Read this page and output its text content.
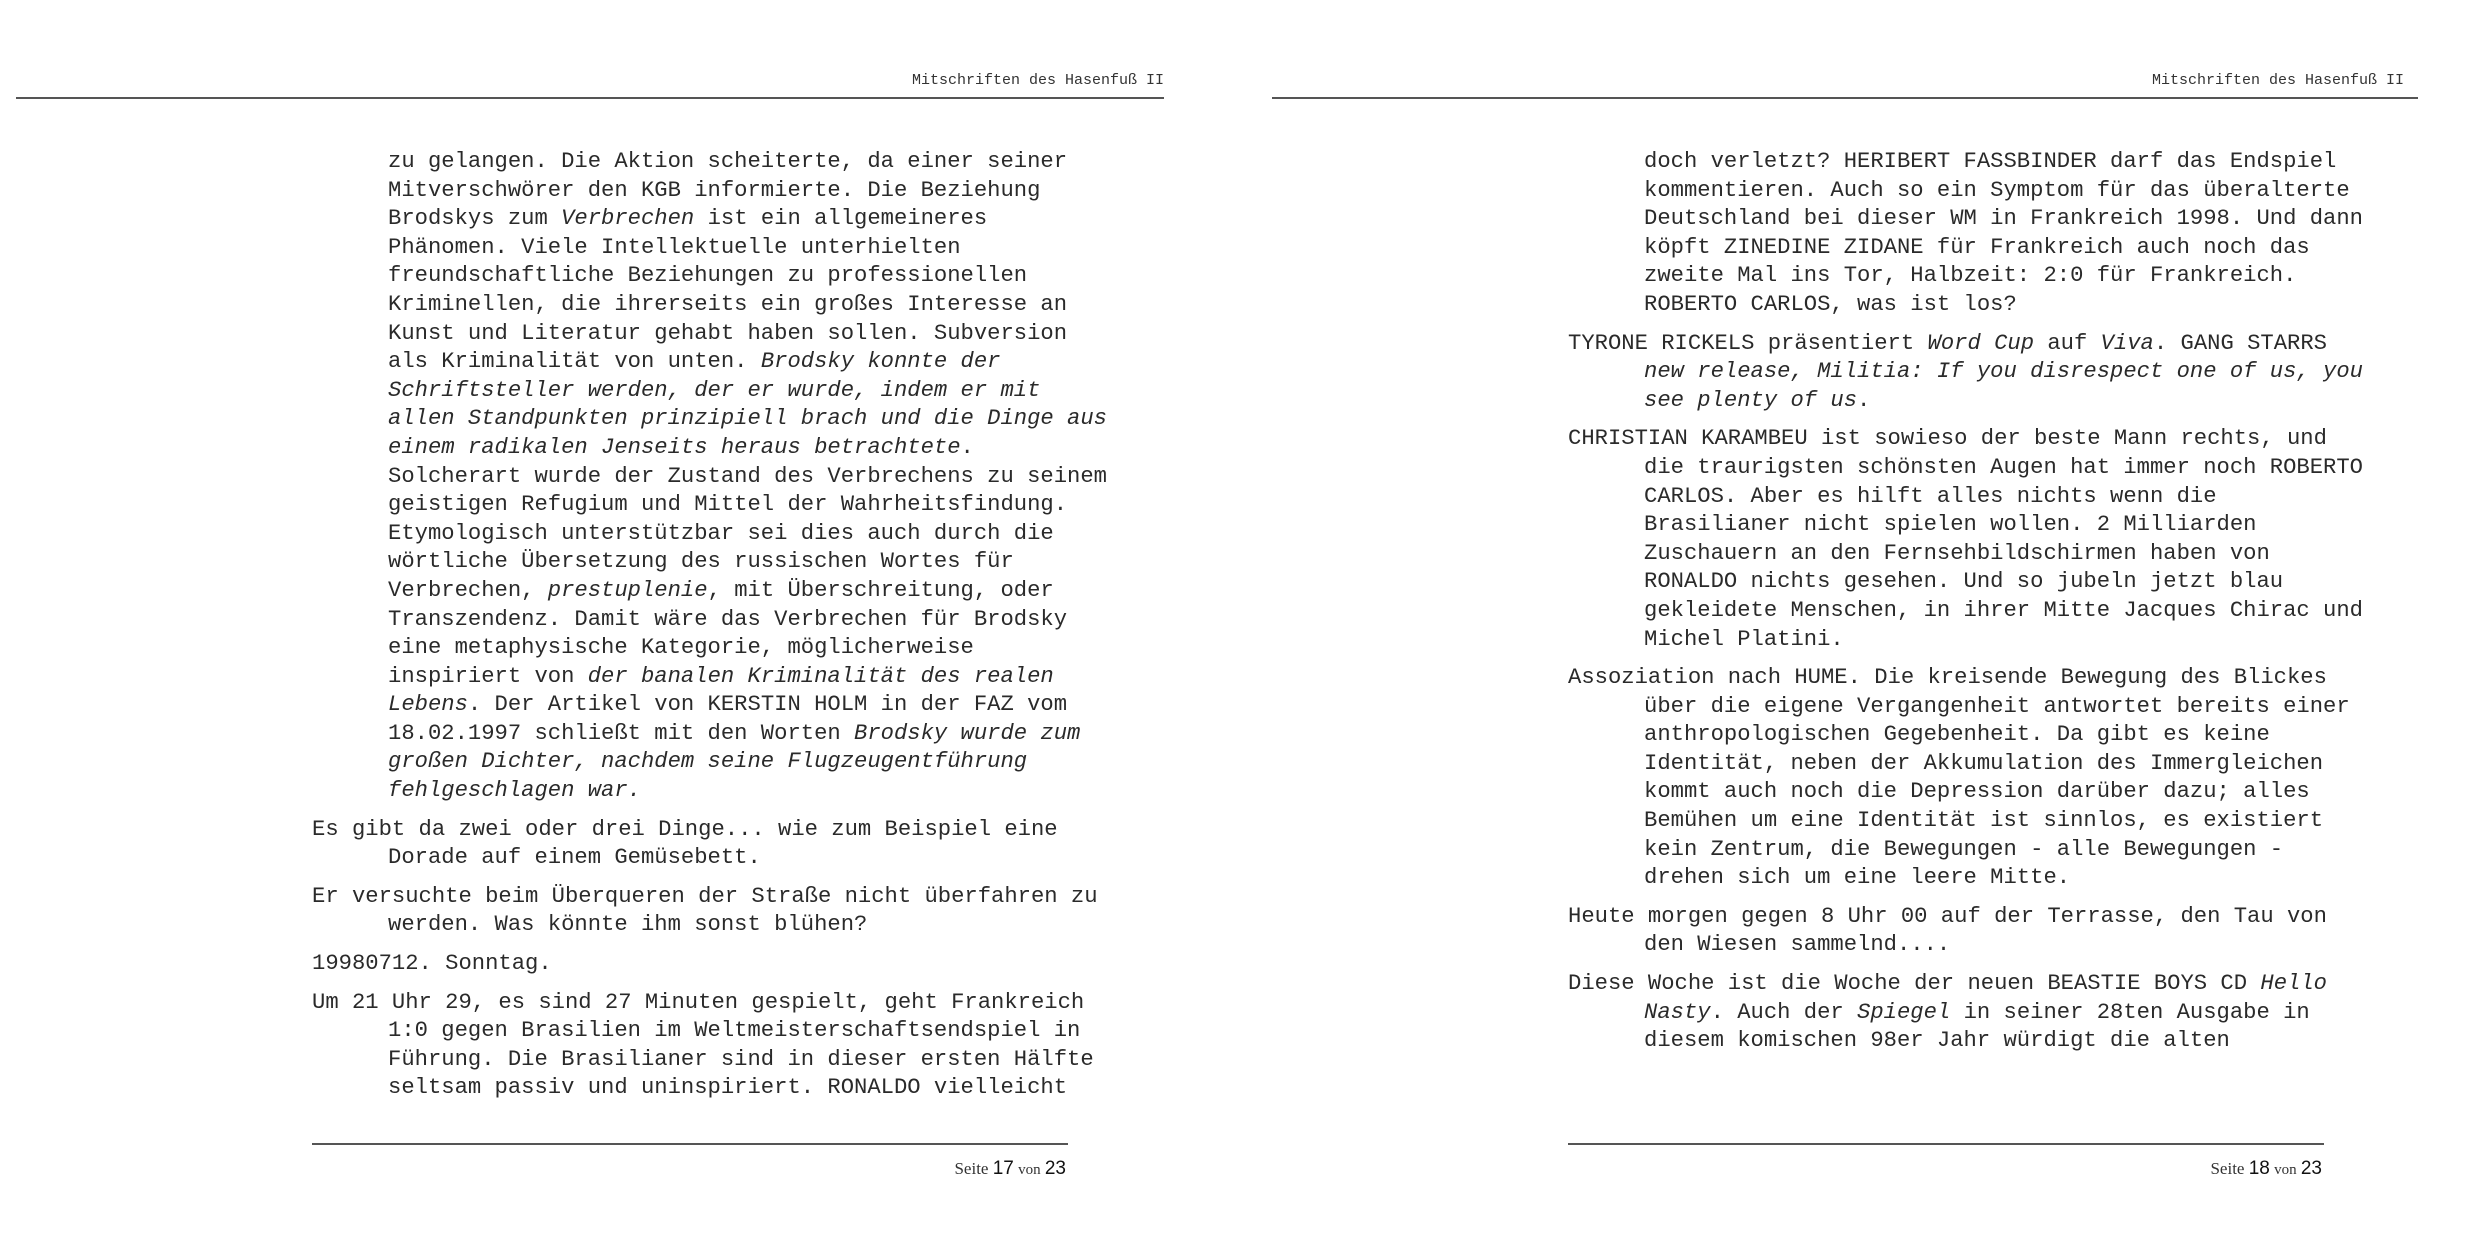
Mitschriften des Hasenfuß II

zu gelangen. Die Aktion scheiterte, da einer seiner Mitverschwörer den KGB informierte. Die Beziehung Brodskys zum Verbrechen ist ein allgemeineres Phänomen. Viele Intellektuelle unterhielten freundschaftliche Beziehungen zu professionellen Kriminellen, die ihrerseits ein großes Interesse an Kunst und Literatur gehabt haben sollen. Subversion als Kriminalität von unten. Brodsky konnte der Schriftsteller werden, der er wurde, indem er mit allen Standpunkten prinzipiell brach und die Dinge aus einem radikalen Jenseits heraus betrachtete. Solcherart wurde der Zustand des Verbrechens zu seinem geistigen Refugium und Mittel der Wahrheitsfindung. Etymologisch unterstützbar sei dies auch durch die wörtliche Übersetzung des russischen Wortes für Verbrechen, prestuplenie, mit Überschreitung, oder Transzendenz. Damit wäre das Verbrechen für Brodsky eine metaphysische Kategorie, möglicherweise inspiriert von der banalen Kriminalität des realen Lebens. Der Artikel von KERSTIN HOLM in der FAZ vom 18.02.1997 schließt mit den Worten Brodsky wurde zum großen Dichter, nachdem seine Flugzeugentführung fehlgeschlagen war.

Es gibt da zwei oder drei Dinge... wie zum Beispiel eine Dorade auf einem Gemüsebett.

Er versuchte beim Überqueren der Straße nicht überfahren zu werden. Was könnte ihm sonst blühen?

19980712. Sonntag.

Um 21 Uhr 29, es sind 27 Minuten gespielt, geht Frankreich 1:0 gegen Brasilien im Weltmeisterschaftsendspiel in Führung. Die Brasilianer sind in dieser ersten Hälfte seltsam passiv und uninspiriert. RONALDO vielleicht

Seite 17 von 23
Mitschriften des Hasenfuß II

doch verletzt? HERIBERT FASSBINDER darf das Endspiel kommentieren. Auch so ein Symptom für das überalterte Deutschland bei dieser WM in Frankreich 1998. Und dann köpft ZINEDINE ZIDANE für Frankreich auch noch das zweite Mal ins Tor, Halbzeit: 2:0 für Frankreich. ROBERTO CARLOS, was ist los?

TYRONE RICKELS präsentiert Word Cup auf Viva. GANG STARRS new release, Militia: If you disrespect one of us, you see plenty of us.

CHRISTIAN KARAMBEU ist sowieso der beste Mann rechts, und die traurigsten schönsten Augen hat immer noch ROBERTO CARLOS. Aber es hilft alles nichts wenn die Brasilianer nicht spielen wollen. 2 Milliarden Zuschauern an den Fernsehbildschirmen haben von RONALDO nichts gesehen. Und so jubeln jetzt blau gekleidete Menschen, in ihrer Mitte Jacques Chirac und Michel Platini.

Assoziation nach HUME. Die kreisende Bewegung des Blickes über die eigene Vergangenheit antwortet bereits einer anthropologischen Gegebenheit. Da gibt es keine Identität, neben der Akkumulation des Immergleichen kommt auch noch die Depression darüber dazu; alles Bemühen um eine Identität ist sinnlos, es existiert kein Zentrum, die Bewegungen - alle Bewegungen - drehen sich um eine leere Mitte.

Heute morgen gegen 8 Uhr 00 auf der Terrasse, den Tau von den Wiesen sammelnd....

Diese Woche ist die Woche der neuen BEASTIE BOYS CD Hello Nasty. Auch der Spiegel in seiner 28ten Ausgabe in diesem komischen 98er Jahr würdigt die alten

Seite 18 von 23
